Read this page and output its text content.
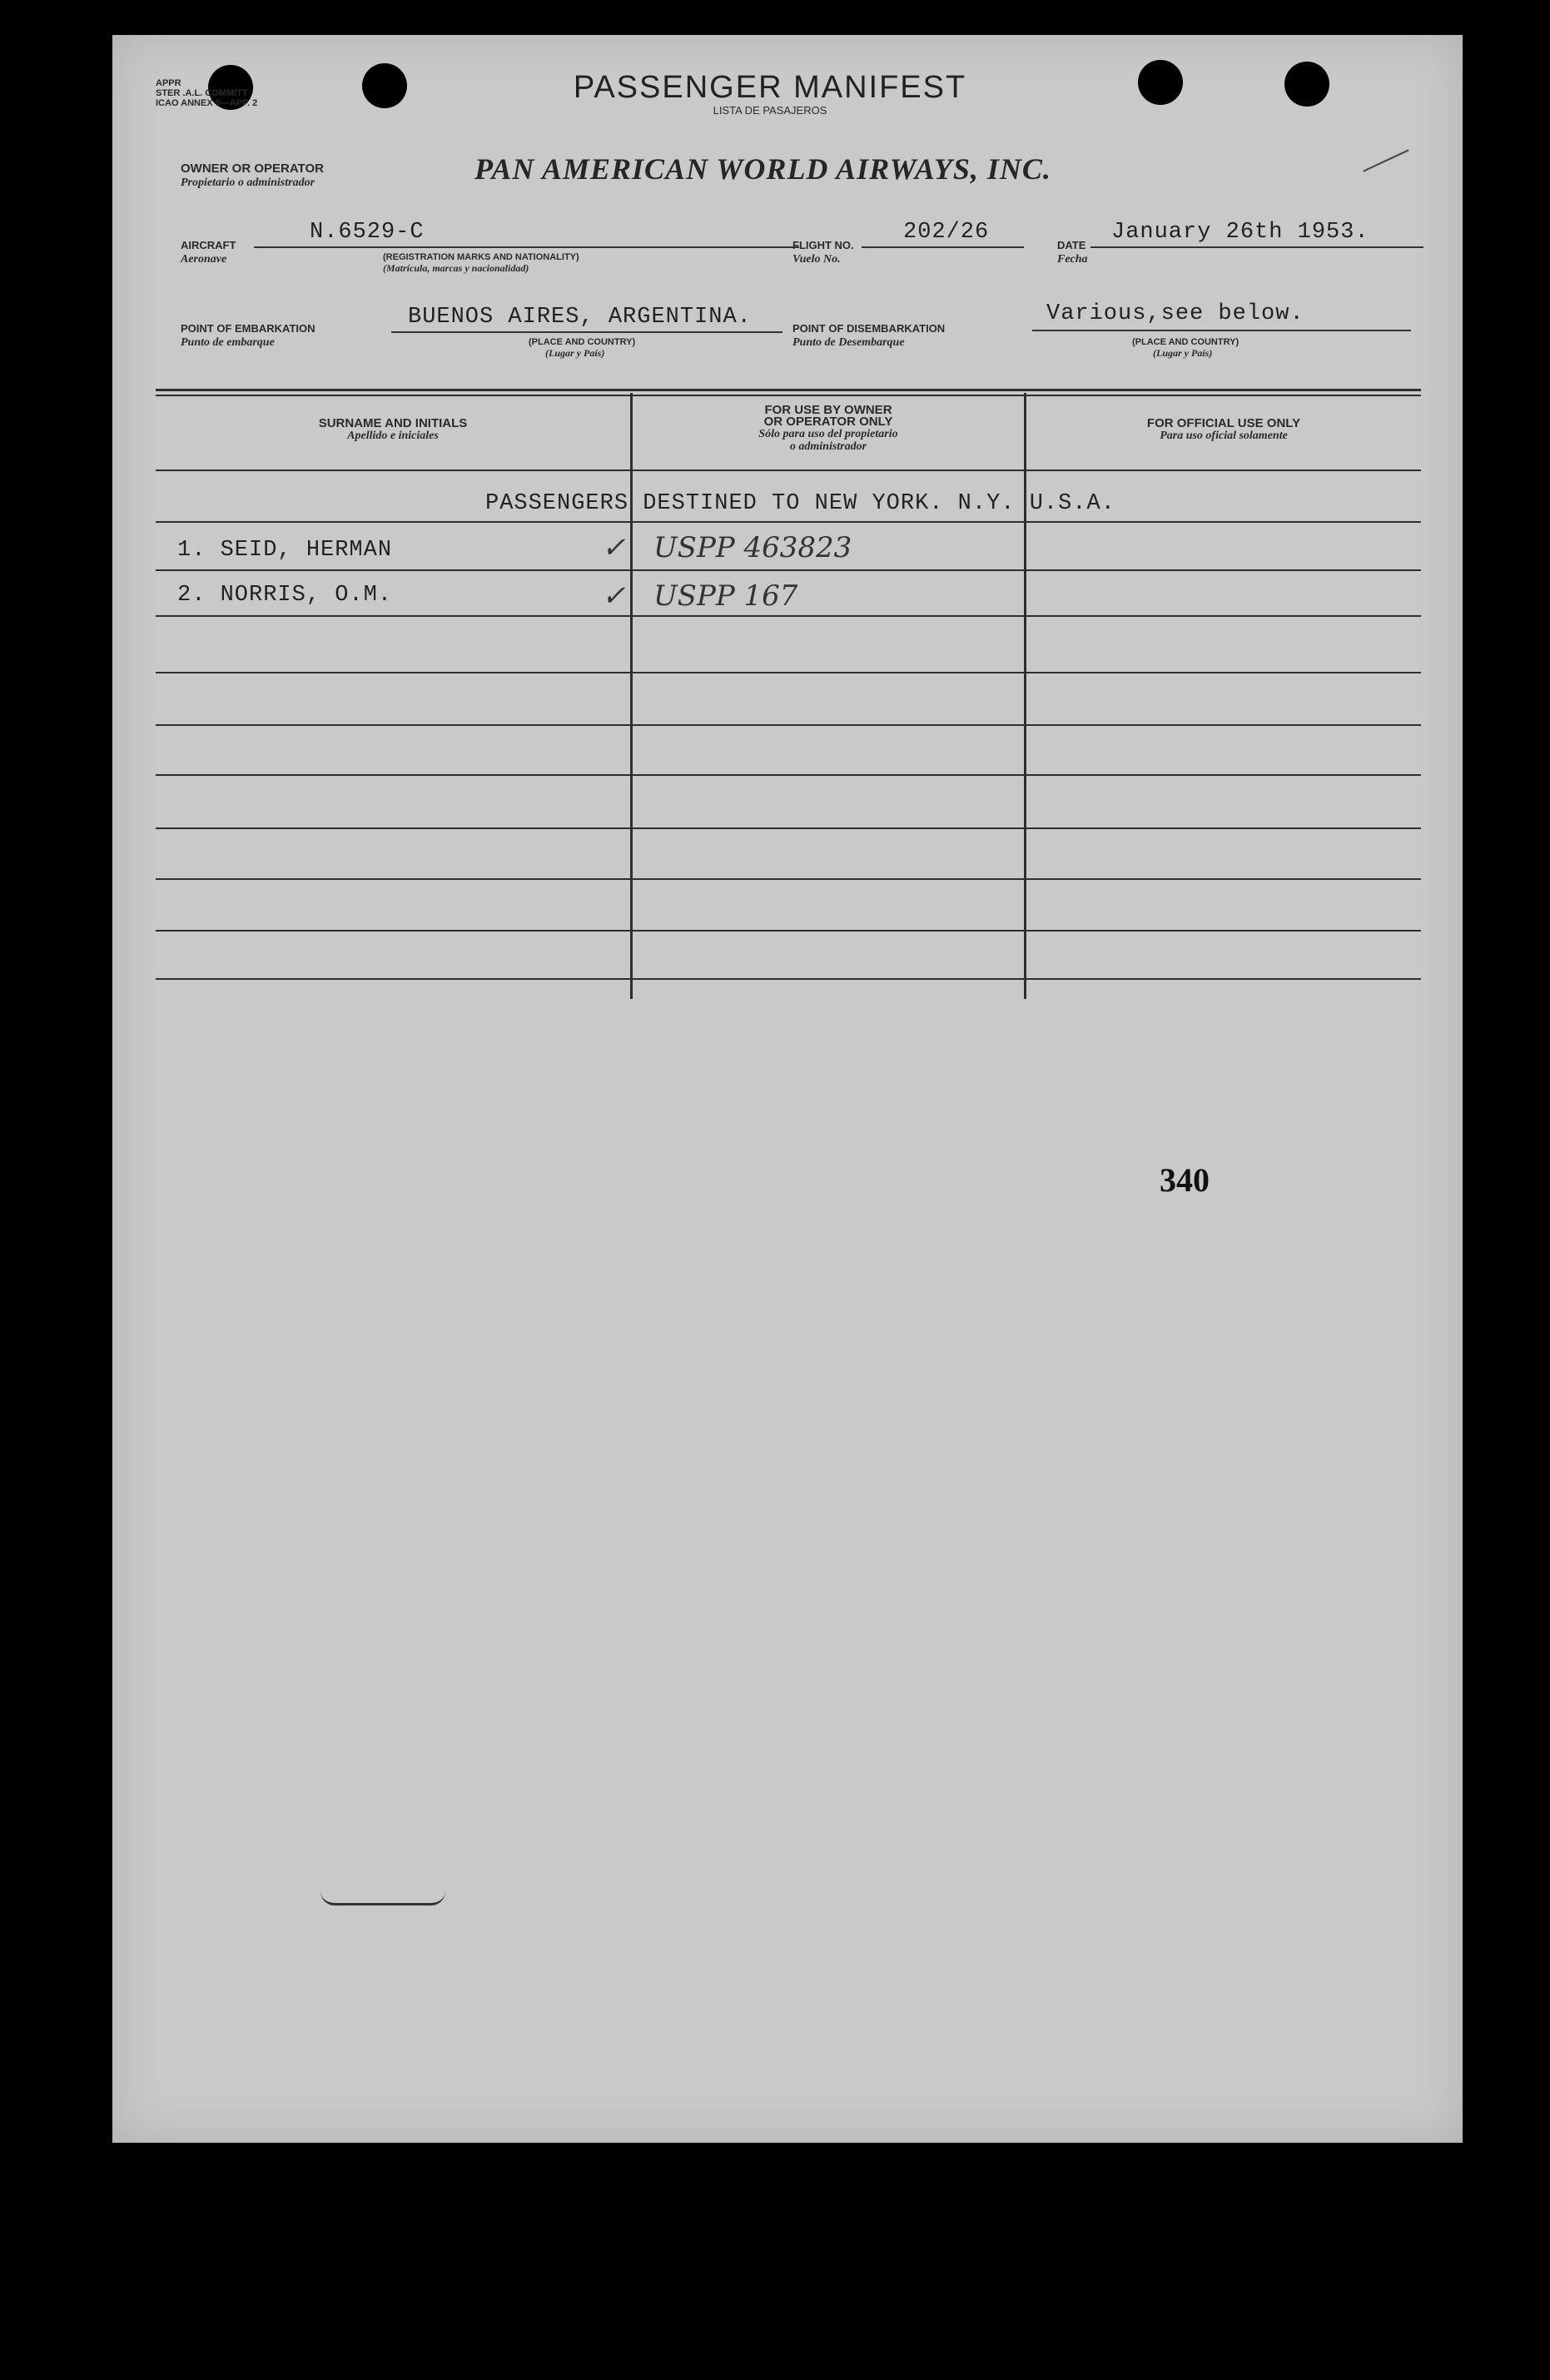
APPR
STER .A.L. COMMITT
ICAO ANNEX 9—APP. 2	PASSENGER MANIFEST
LISTA DE PASAJEROS
OWNER OR OPERATOR
Propietario o administrador	PAN AMERICAN WORLD AIRWAYS, INC.
AIRCRAFT
Aeronave
N.6529-C
(REGISTRATION MARKS AND NATIONALITY)
(Matrícula, marcas y nacionalidad)
FLIGHT NO.
Vuelo No.
202/26
DATE
Fecha
January 26th 1953.
POINT OF EMBARKATION
Punto de embarque
BUENOS AIRES, ARGENTINA.
(PLACE AND COUNTRY)
(Lugar y País)
POINT OF DISEMBARKATION
Punto de Desembarque
Various,see below.
(PLACE AND COUNTRY)
(Lugar y País)
SURNAME AND INITIALS
Apellido e iniciales
FOR USE BY OWNER
OR OPERATOR ONLY
Sólo para uso del propietario
o administrador
FOR OFFICIAL USE ONLY
Para uso oficial solamente
PASSENGERS DESTINED TO NEW YORK. N.Y. U.S.A.
1. SEID, HERMAN	✓ USPP 463823
2. NORRIS, O.M.	✓ USPP 167
340
